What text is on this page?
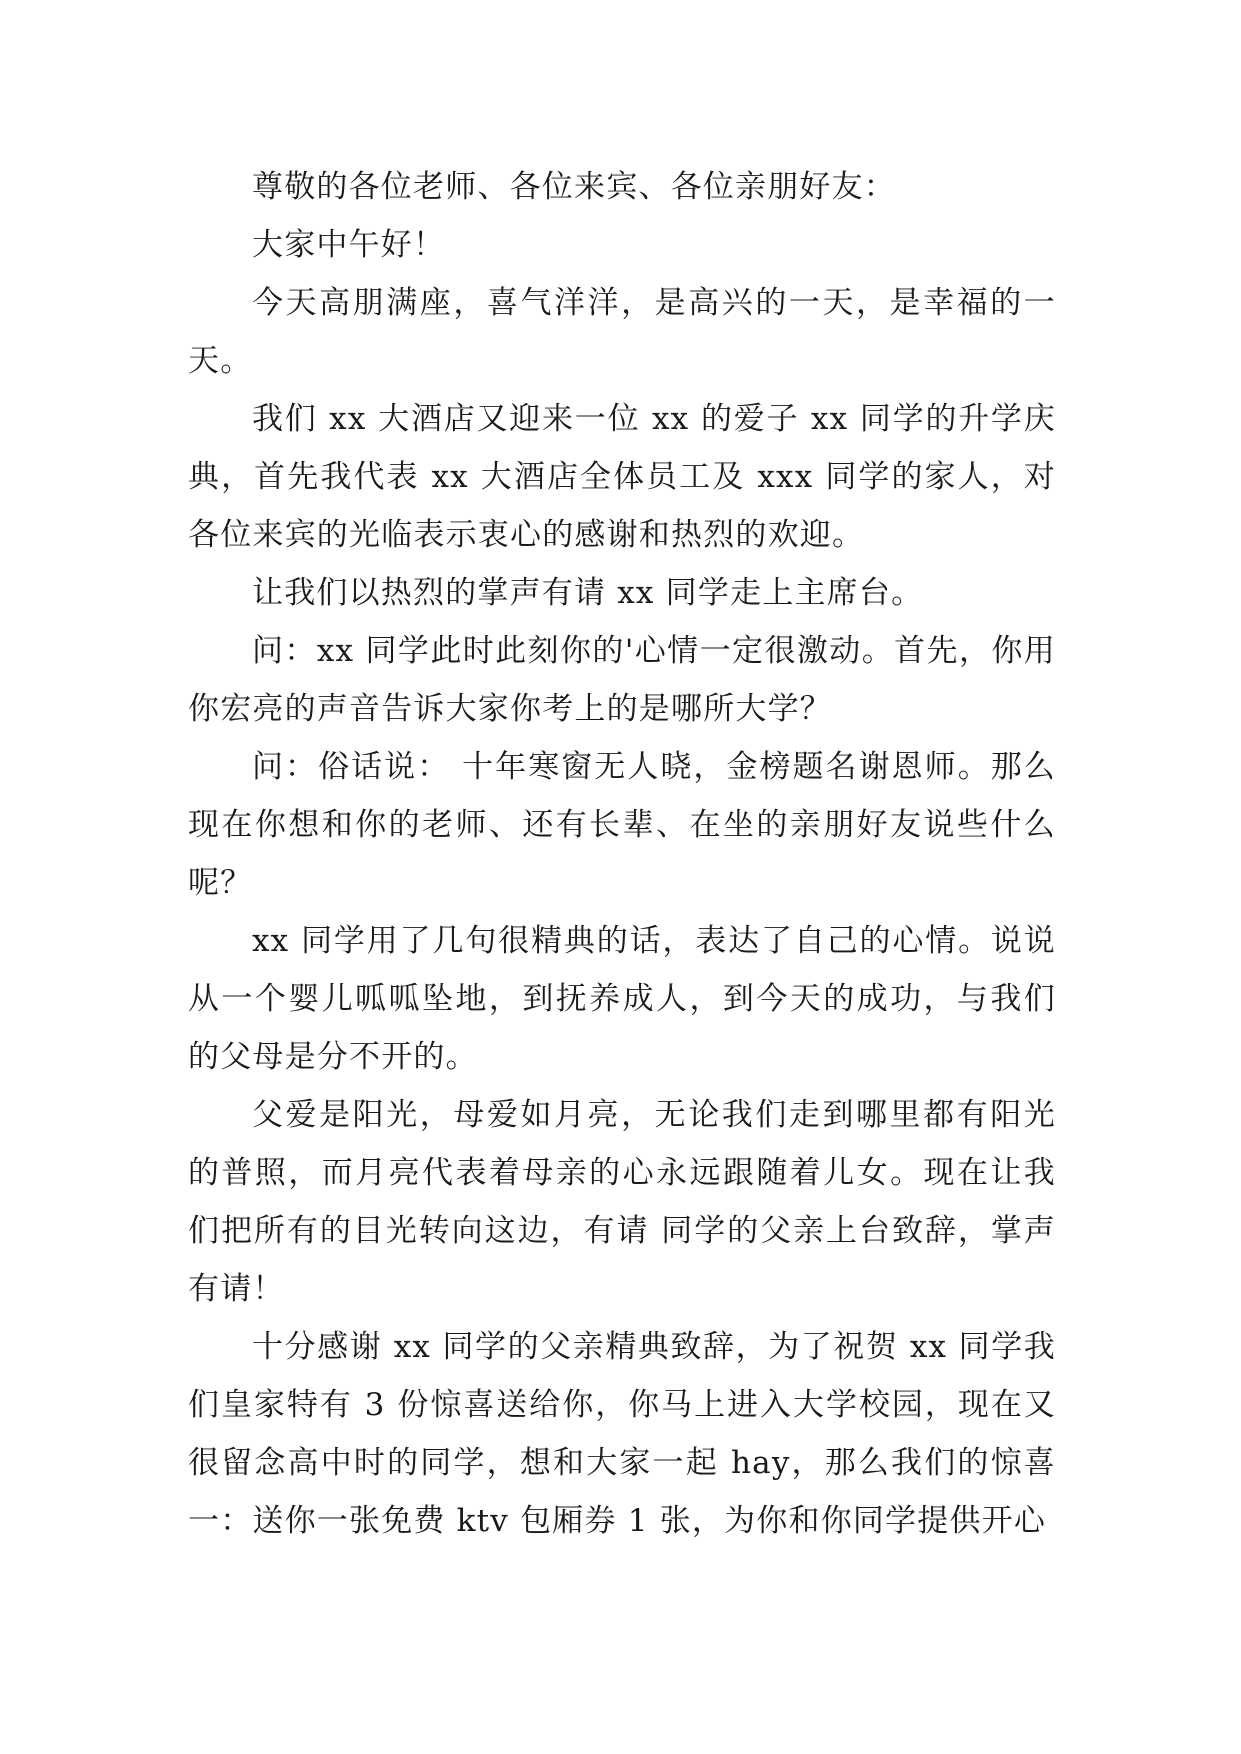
尊敬的各位老师、各位来宾、各位亲朋好友：

大家中午好！

今天高朋满座，喜气洋洋，是高兴的一天，是幸福的一天。

我们 xx 大酒店又迎来一位 xx 的爱子 xx 同学的升学庆典，首先我代表 xx 大酒店全体员工及 xxx 同学的家人，对各位来宾的光临表示衷心的感谢和热烈的欢迎。

让我们以热烈的掌声有请 xx 同学走上主席台。

问：xx 同学此时此刻你的'心情一定很激动。首先，你用你宏亮的声音告诉大家你考上的是哪所大学？

问：俗话说： 十年寒窗无人晓，金榜题名谢恩师。那么现在你想和你的老师、还有长辈、在坐的亲朋好友说些什么呢？

xx 同学用了几句很精典的话，表达了自己的心情。说说从一个婴儿呱呱坠地，到抚养成人，到今天的成功，与我们的父母是分不开的。

父爱是阳光，母爱如月亮，无论我们走到哪里都有阳光的普照，而月亮代表着母亲的心永远跟随着儿女。现在让我们把所有的目光转向这边，有请 同学的父亲上台致辞，掌声有请！

十分感谢 xx 同学的父亲精典致辞，为了祝贺 xx 同学我们皇家特有 3 份惊喜送给你，你马上进入大学校园，现在又很留念高中时的同学，想和大家一起 hay，那么我们的惊喜一：送你一张免费 ktv 包厢券 1 张，为你和你同学提供开心
